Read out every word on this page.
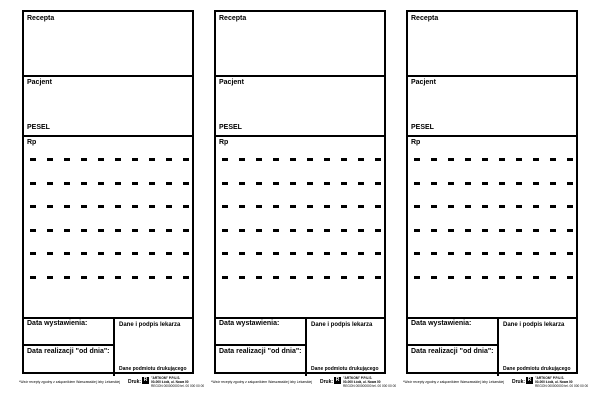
Recepta
Pacjent
PESEL
Rp
Data wystawienia:
Data realizacji "od dnia":
Dane i podpis lekarza
Dane podmiotu drukującego
*Wzór recepty zgodny z załącznikiem Warszawskiej Izby Lekarskiej Druk: R	"ARTKOM" P.P.U.S.
00-000 Łódź, ul. Nowa 00
REGON 000000000 tel. 00 000 00 00
Recepta
Pacjent
PESEL
Rp
Data wystawienia:
Data realizacji "od dnia":
Dane i podpis lekarza
Dane podmiotu drukującego
*Wzór recepty zgodny z załącznikiem Warszawskiej Izby Lekarskiej Druk: R	"ARTKOM" P.P.U.S.
00-000 Łódź, ul. Nowa 00
REGON 000000000 tel. 00 000 00 00
Recepta
Pacjent
PESEL
Rp
Data wystawienia:
Data realizacji "od dnia":
Dane i podpis lekarza
Dane podmiotu drukującego
*Wzór recepty zgodny z załącznikiem Warszawskiej Izby Lekarskiej Druk: R	"ARTKOM" P.P.U.S.
00-000 Łódź, ul. Nowa 00
REGON 000000000 tel. 00 000 00 00
